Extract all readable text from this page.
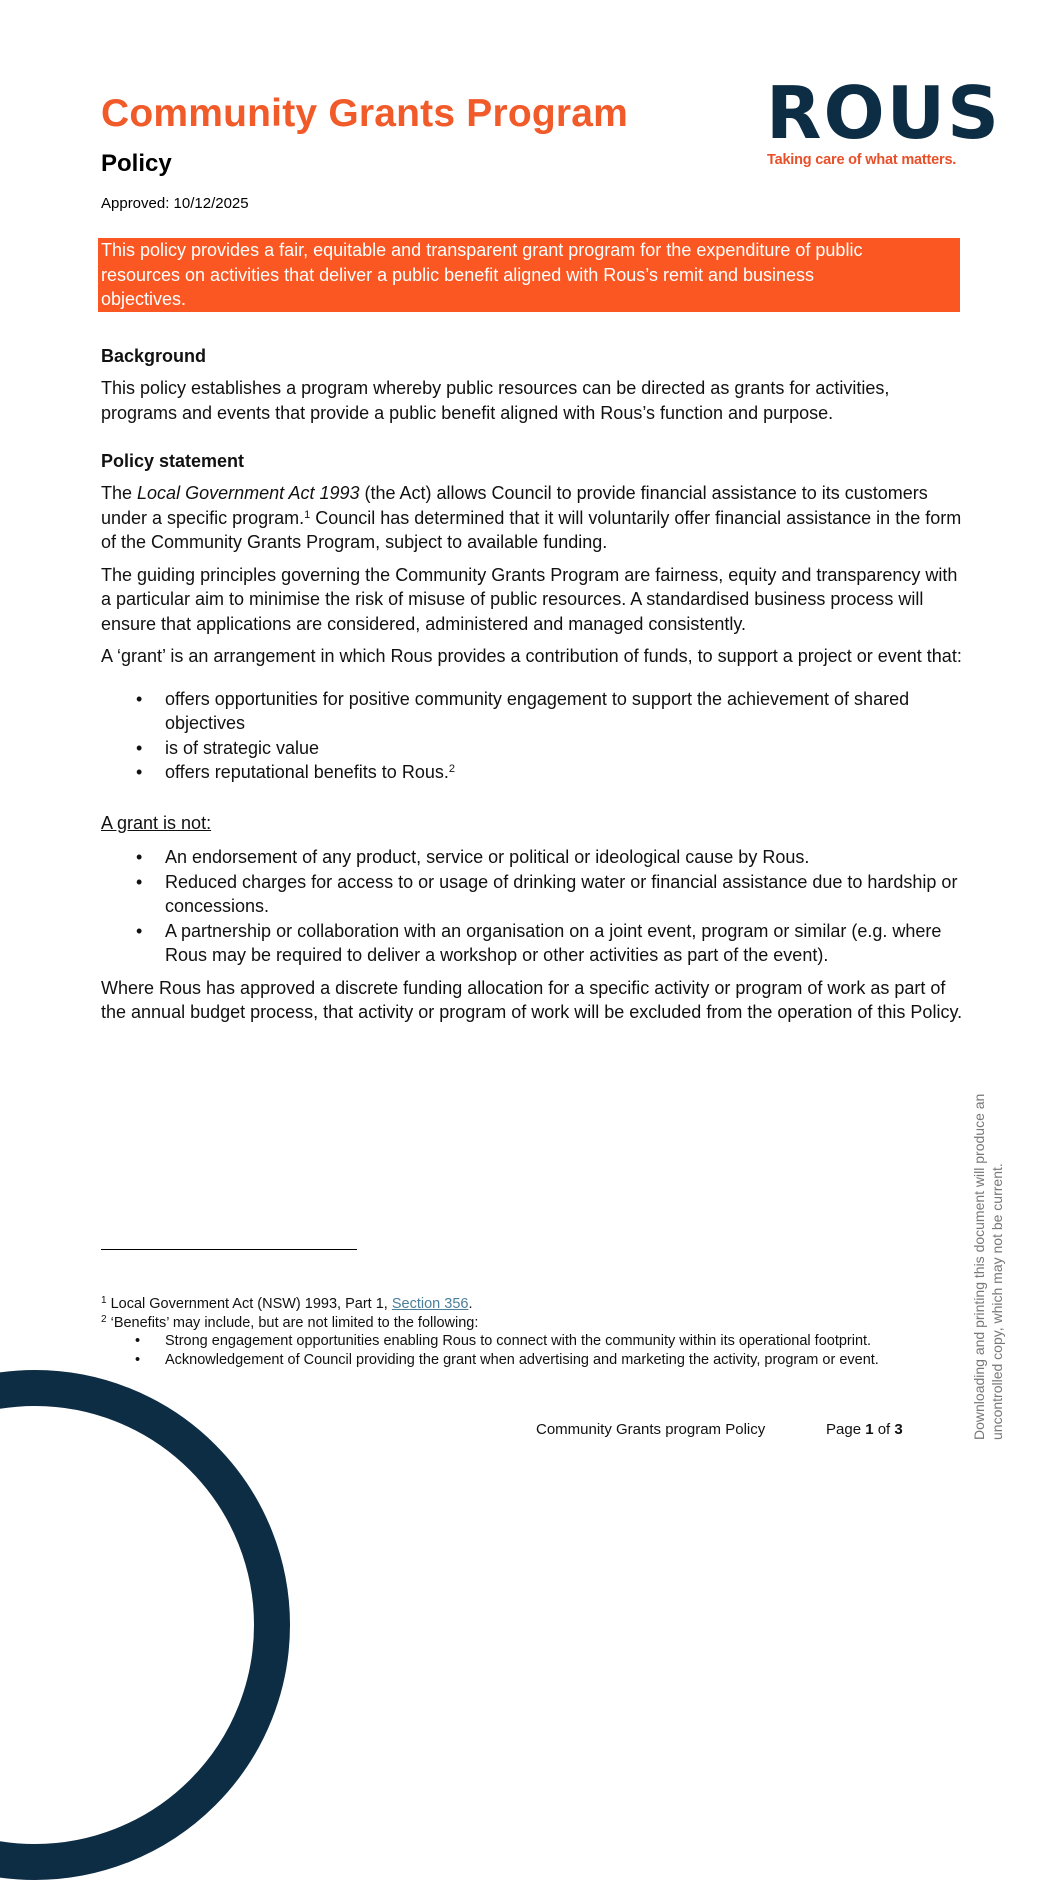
Community Grants Program
Policy
Approved: 10/12/2025
ROUS
Taking care of what matters.
This policy provides a fair, equitable and transparent grant program for the expenditure of public
resources on activities that deliver a public benefit aligned with Rous’s remit and business
objectives.
Background

This policy establishes a program whereby public resources can be directed as grants for activities, programs and events that provide a public benefit aligned with Rous’s function and purpose.

Policy statement

The Local Government Act 1993 (the Act) allows Council to provide financial assistance to its customers under a specific program.$^1$ Council has determined that it will voluntarily offer financial assistance in the form of the Community Grants Program, subject to available funding.

The guiding principles governing the Community Grants Program are fairness, equity and transparency with a particular aim to minimise the risk of misuse of public resources. A standardised business process will ensure that applications are considered, administered and managed consistently.

A ‘grant’ is an arrangement in which Rous provides a contribution of funds, to support a project or event that:

• offers opportunities for positive community engagement to support the achievement of shared objectives
• is of strategic value
• offers reputational benefits to Rous.$^2$

A grant is not:

• An endorsement of any product, service or political or ideological cause by Rous.
• Reduced charges for access to or usage of drinking water or financial assistance due to hardship or concessions.
• A partnership or collaboration with an organisation on a joint event, program or similar (e.g. where Rous may be required to deliver a workshop or other activities as part of the event).

Where Rous has approved a discrete funding allocation for a specific activity or program of work as part of the annual budget process, that activity or program of work will be excluded from the operation of this Policy.

$^1$ Local Government Act (NSW) 1993, Part 1, Section 356.
$^2$ ‘Benefits’ may include, but are not limited to the following:
• Strong engagement opportunities enabling Rous to connect with the community within its operational footprint.
• Acknowledgement of Council providing the grant when advertising and marketing the activity, program or event.
Community Grants program Policy	Page 1 of 3	Downloading and printing this document will produce an uncontrolled copy, which may not be current.
